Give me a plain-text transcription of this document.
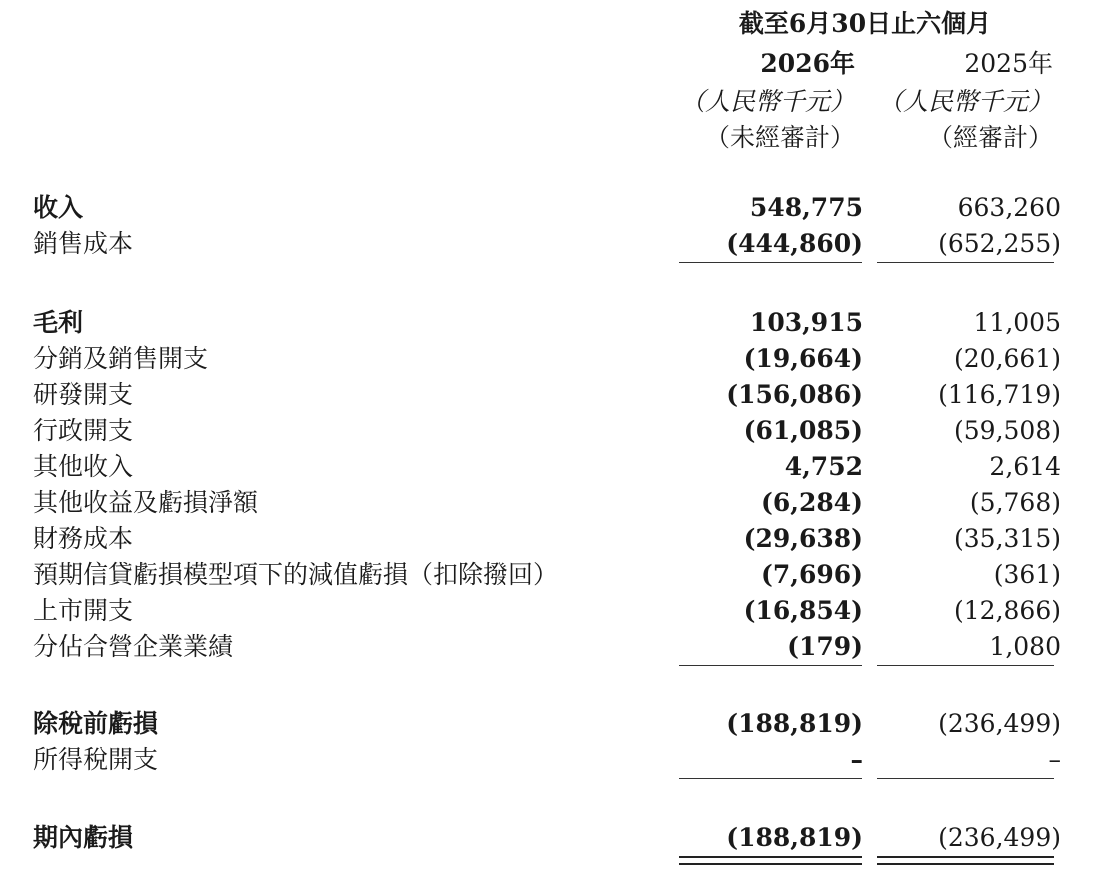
截至6月30日止六個月
2026年	2025年
（人民幣千元） （人民幣千元）
（未經審計）	（經審計）
收入	548,775	663,260
銷售成本	(444,860)	(652,255)
毛利	103,915	11,005
分銷及銷售開支	(19,664)	(20,661)
研發開支	(156,086)	(116,719)
行政開支	(61,085)	(59,508)
其他收入	4,752	2,614
其他收益及虧損淨額	(6,284)	(5,768)
財務成本	(29,638)	(35,315)
預期信貸虧損模型項下的減值虧損（扣除撥回）	(7,696)	(361)
上市開支	(16,854)	(12,866)
分佔合營企業業績	(179)	1,080
除稅前虧損	(188,819)	(236,499)
所得稅開支	–	–
期內虧損	(188,819)	(236,499)
